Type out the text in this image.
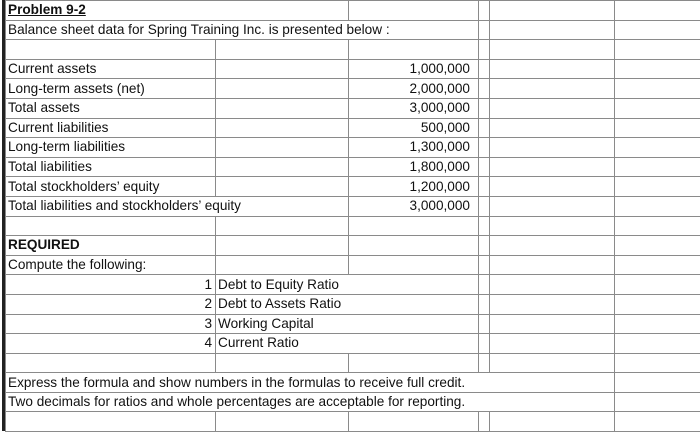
Problem 9-2					
Balance sheet data for Spring Training Inc. is presented below :					

Current assets		1,000,000			
Long-term assets (net)		2,000,000			
Total assets		3,000,000			
Current liabilities		500,000			
Long-term liabilities		1,300,000			
Total liabilities		1,800,000			
Total stockholders’ equity		1,200,000			
Total liabilities and stockholders’ equity		3,000,000			

REQUIRED					
Compute the following:					
1	Debt to Equity Ratio				
2	Debt to Assets Ratio				
3	Working Capital				
4	Current Ratio				

Express the formula and show numbers in the formulas to receive full credit.					
Two decimals for ratios and whole percentages are acceptable for reporting.					
